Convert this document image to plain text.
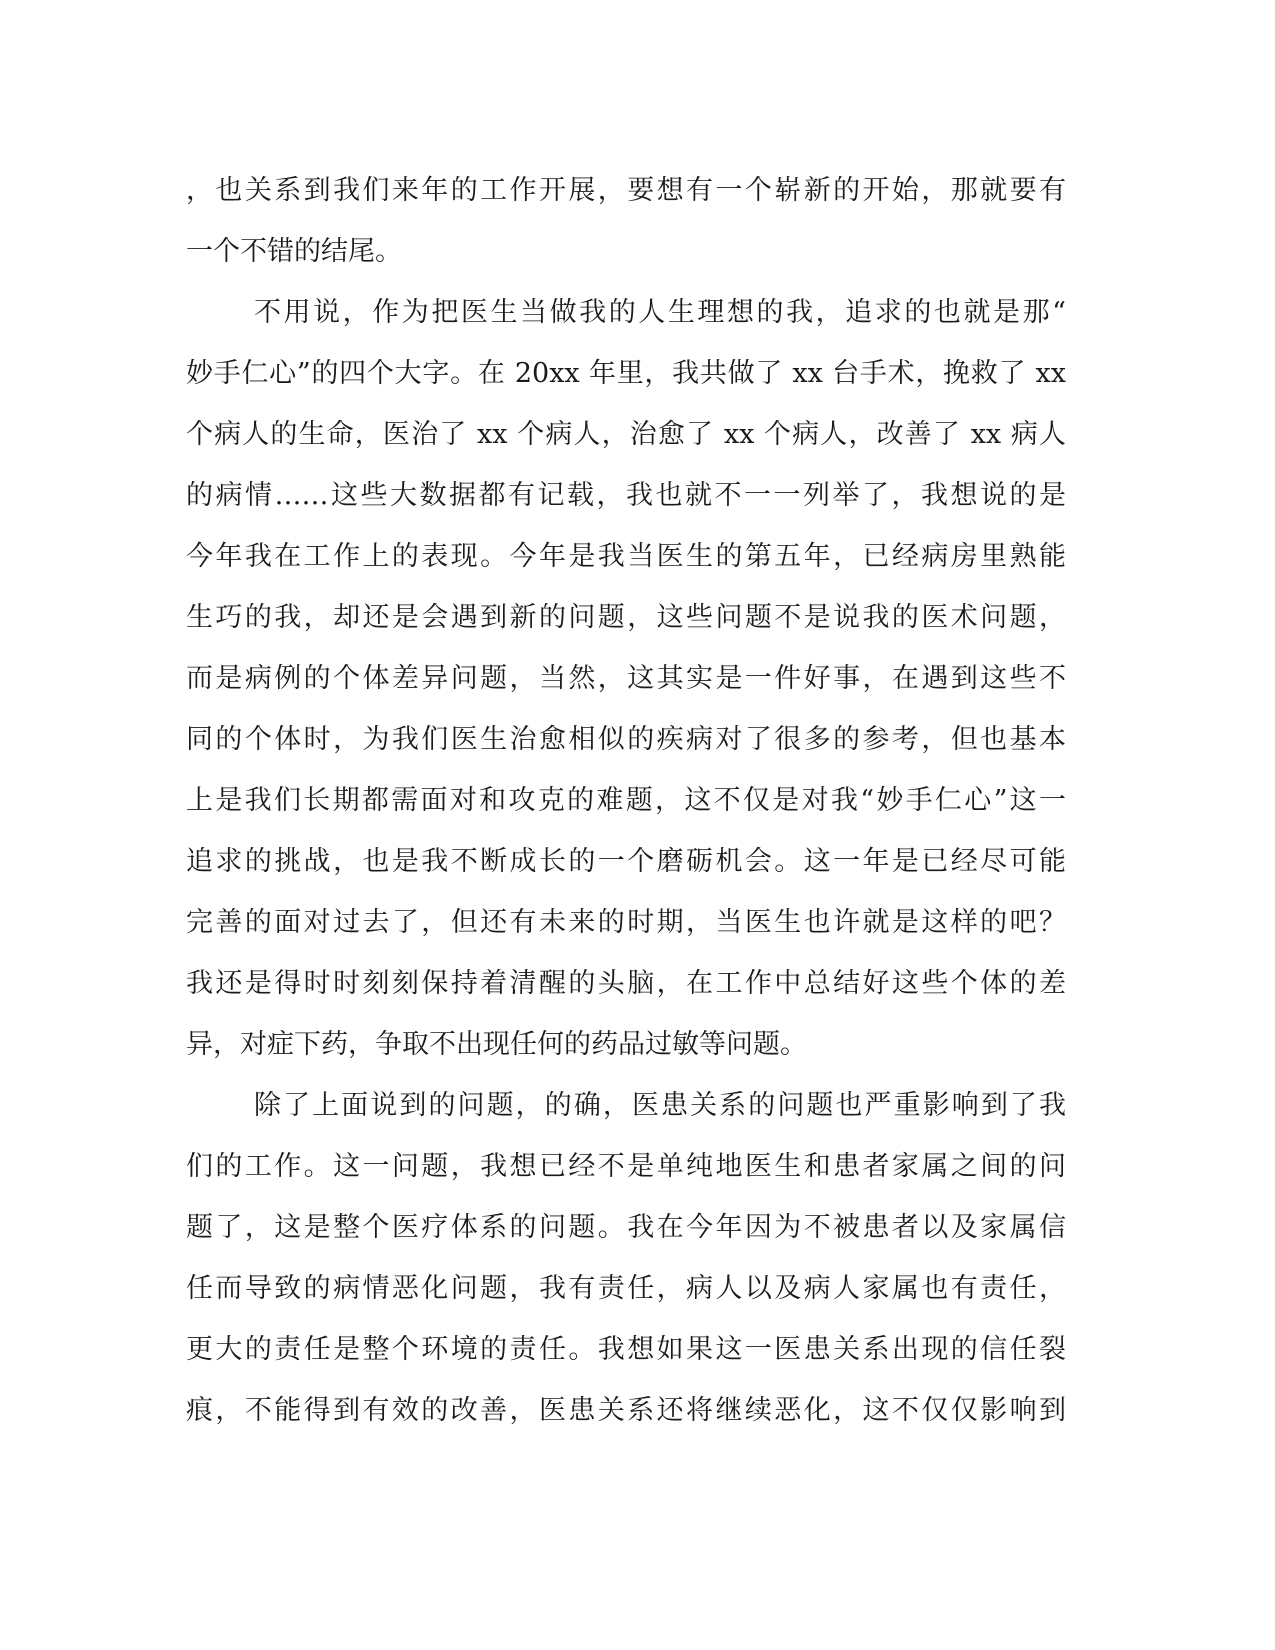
，也关系到我们来年的工作开展，要想有一个崭新的开始，那就要有
一个不错的结尾。
不用说，作为把医生当做我的人生理想的我，追求的也就是那“
妙手仁心”的四个大字。在 20xx 年里，我共做了 xx 台手术，挽救了 xx
个病人的生命，医治了 xx 个病人，治愈了 xx 个病人，改善了 xx 病人
的病情……这些大数据都有记载，我也就不一一列举了，我想说的是
今年我在工作上的表现。今年是我当医生的第五年，已经病房里熟能
生巧的我，却还是会遇到新的问题，这些问题不是说我的医术问题，
而是病例的个体差异问题，当然，这其实是一件好事，在遇到这些不
同的个体时，为我们医生治愈相似的疾病对了很多的参考，但也基本
上是我们长期都需面对和攻克的难题，这不仅是对我“妙手仁心”这一
追求的挑战，也是我不断成长的一个磨砺机会。这一年是已经尽可能
完善的面对过去了，但还有未来的时期，当医生也许就是这样的吧？
我还是得时时刻刻保持着清醒的头脑，在工作中总结好这些个体的差
异，对症下药，争取不出现任何的药品过敏等问题。
除了上面说到的问题，的确，医患关系的问题也严重影响到了我
们的工作。这一问题，我想已经不是单纯地医生和患者家属之间的问
题了，这是整个医疗体系的问题。我在今年因为不被患者以及家属信
任而导致的病情恶化问题，我有责任，病人以及病人家属也有责任，
更大的责任是整个环境的责任。我想如果这一医患关系出现的信任裂
痕，不能得到有效的改善，医患关系还将继续恶化，这不仅仅影响到
